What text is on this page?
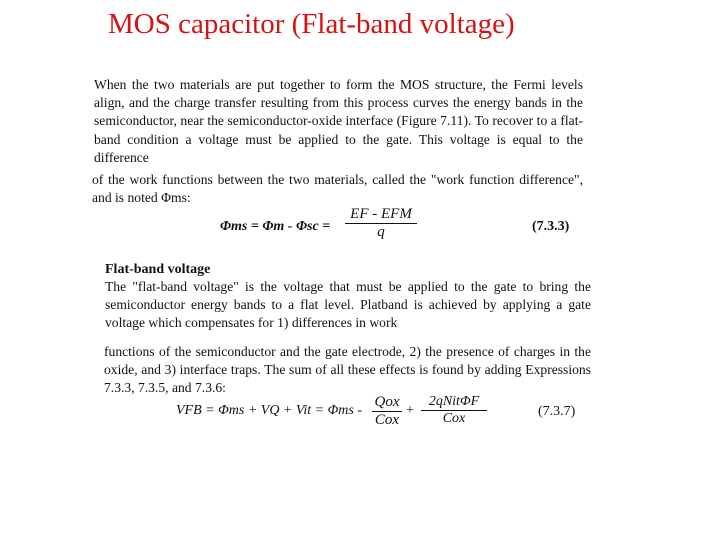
MOS capacitor (Flat-band voltage)
When the two materials are put together to form the MOS structure, the Fermi levels align, and the charge transfer resulting from this process curves the energy bands in the semiconductor, near the semiconductor-oxide interface (Figure 7.11). To recover to a flat-band condition a voltage must be applied to the gate. This voltage is equal to the difference
of the work functions between the two materials, called the "work function difference", and is noted Φms:
Φms = Φm - Φsc =
EF - EFM
q	(7.3.3)
Flat-band voltage
The "flat-band voltage" is the voltage that must be applied to the gate to bring the semiconductor energy bands to a flat level. Platband is achieved by applying a gate voltage which compensates for 1) differences in work
functions of the semiconductor and the gate electrode, 2) the presence of charges in the oxide, and 3) interface traps. The sum of all these effects is found by adding Expressions 7.3.3, 7.3.5, and 7.3.6:
VFB = Φms + VQ + Vit = Φms -
Qox
Cox
+
2qNitΦF
Cox	(7.3.7)
